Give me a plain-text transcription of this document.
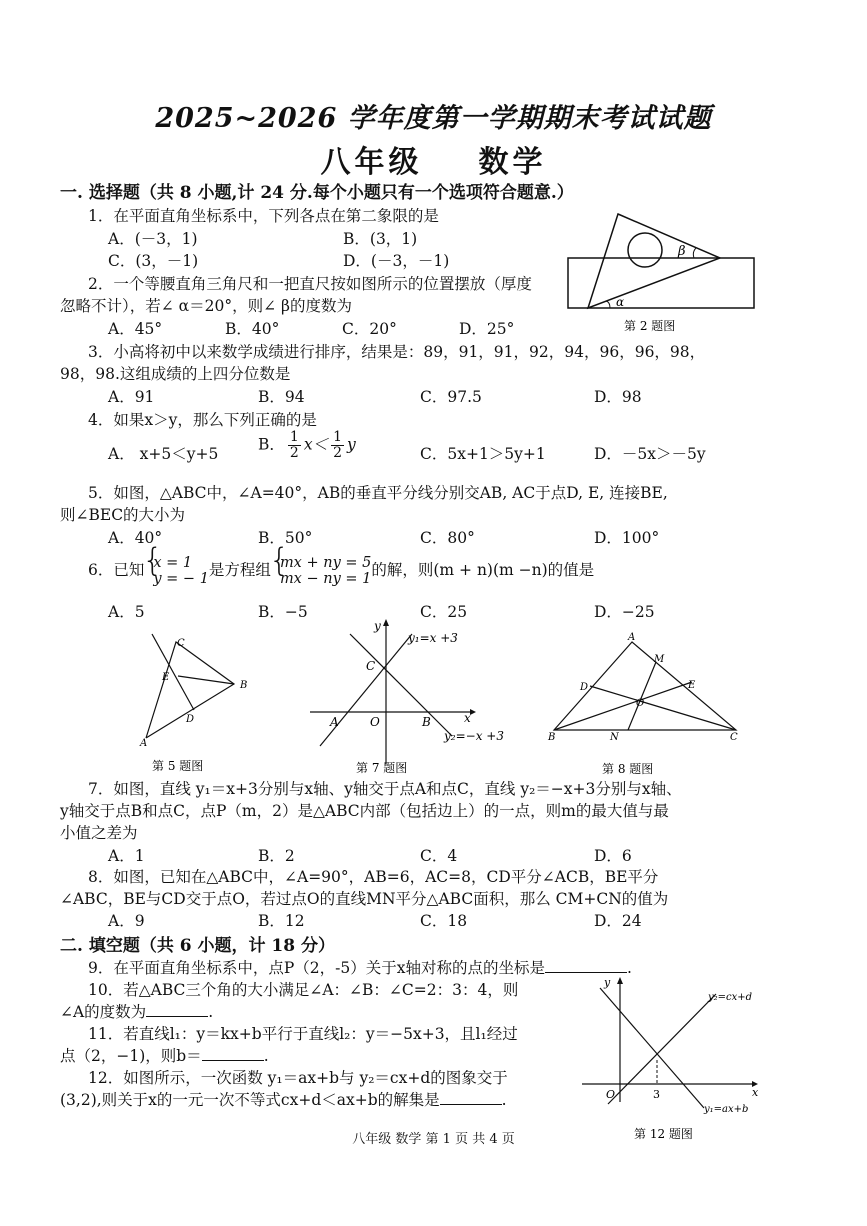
2025~2026 学年度第一学期期末考试试题
八年级 数学
一. 选择题（共 8 小题,计 24 分.每个小题只有一个选项符合题意.）
1．在平面直角坐标系中，下列各点在第二象限的是
A．(－3，1)	B．(3，1)
C．(3，－1)	D．(－3，－1)
β
α
第 2 题图
2．一个等腰直角三角尺和一把直尺按如图所示的位置摆放（厚度
忽略不计），若∠ α＝20°，则∠ β的度数为
A．45°	B．40°	C．20°	D．25°
3．小高将初中以来数学成绩进行排序，结果是：89，91，91，92，94，96，96，98，
98，98.这组成绩的上四分位数是
A．91	B．94	C．97.5	D．98
4．如果x＞y，那么下列正确的是
A． x+5＜y+5
B． $\frac{1}{2} x< \frac{1}{2}$ y
C．5x+1＞5y+1	D．－5x＞－5y
5．如图，△ABC中，∠A=40°，AB的垂直平分线分别交AB, AC于点D, E, 连接BE,
则∠BEC的大小为
A．40°	B．50°	C．80°	D．100°
6．已知 { x = 1
y = − 1 是方程组 { mx + ny = 5
mx − ny = 1 的解，则(m + n)(m −n)的值是
A．5	B．−5	C．25	D．−25
C
E
B
D
A
第 5 题图
y
x
y₁=x +3
y₂=−x +3
C
A	O	B
第 7 题图
A
M
D	E
O
B	N	C
第 8 题图
7．如图，直线 y₁＝x+3分别与x轴、y轴交于点A和点C，直线 y₂＝−x+3分别与x轴、
y轴交于点B和点C，点P（m，2）是△ABC内部（包括边上）的一点，则m的最大值与最
小值之差为
A．1	B．2	C．4	D．6
8．如图，已知在△ABC中，∠A=90°，AB=6，AC=8，CD平分∠ACB，BE平分
∠ABC，BE与CD交于点O，若过点O的直线MN平分△ABC面积，那么 CM+CN的值为
A．9	B．12	C．18	D．24
二. 填空题（共 6 小题，计 18 分）
9．在平面直角坐标系中，点P（2，-5）关于x轴对称的点的坐标是	.
10．若△ABC三个角的大小满足∠A：∠B：∠C=2：3：4，则
∠A的度数为	.
11．若直线l₁：y＝kx+b平行于直线l₂：y＝−5x+3，且l₁经过
点（2，−1)，则b＝	.
12．如图所示，一次函数 y₁＝ax+b与 y₂＝cx+d的图象交于
(3,2),则关于x的一元一次不等式cx+d＜ax+b的解集是	.
y
x
O	3
y₂=cx+d
y₁=ax+b
第 12 题图
八年级 数学 第 1 页 共 4 页
